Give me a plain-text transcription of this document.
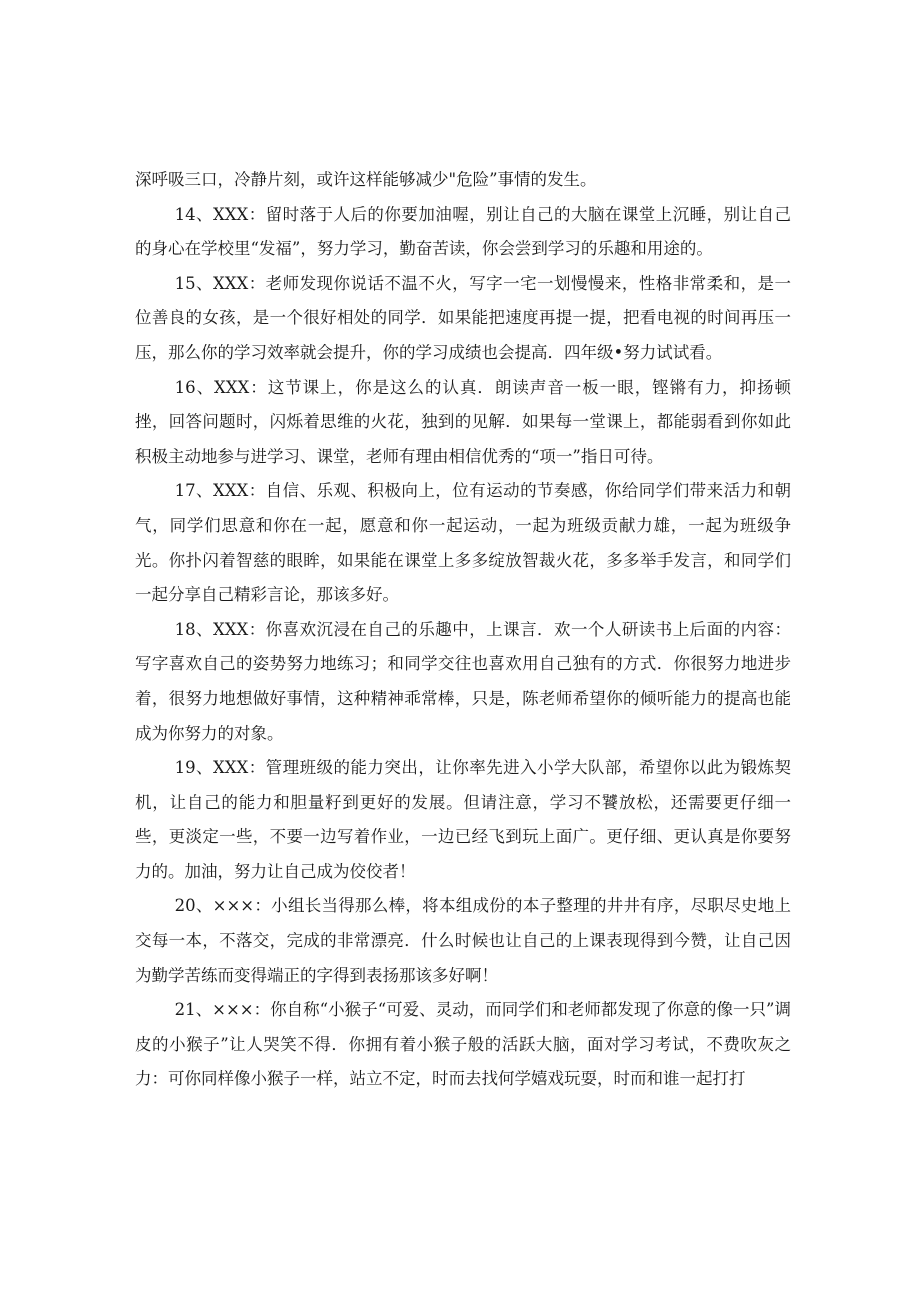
深呼吸三口，冷静片刻，或许这样能够减少"危险”事情的发生。

14、XXX：留时落于人后的你要加油喔，别让自己的大脑在课堂上沉睡，别让自己的身心在学校里“发福”，努力学习，勤奋苦读，你会尝到学习的乐趣和用途的。

15、XXX：老师发现你说话不温不火，写字一宅一划慢慢来，性格非常柔和，是一位善良的女孩，是一个很好相处的同学．如果能把速度再提一提，把看电视的时间再压一压，那么你的学习效率就会提升，你的学习成绩也会提高．四年级•努力试试看。

16、XXX：这节课上，你是这么的认真．朗读声音一板一眼，铿锵有力，抑扬顿挫，回答问题时，闪烁着思维的火花，独到的见解．如果每一堂课上，都能弱看到你如此积极主动地参与进学习、课堂，老师有理由相信优秀的“项一”指日可待。

17、XXX：自信、乐观、积极向上，位有运动的节奏感，你给同学们带来活力和朝气，同学们思意和你在一起，愿意和你一起运动，一起为班级贡献力雄，一起为班级争光。你扑闪着智慈的眼眸，如果能在课堂上多多绽放智裁火花，多多举手发言，和同学们一起分享自己精彩言论，那该多好。

18、XXX：你喜欢沉浸在自己的乐趣中，上课言．欢一个人研读书上后面的内容：写字喜欢自己的姿势努力地练习；和同学交往也喜欢用自己独有的方式．你很努力地进步着，很努力地想做好事情，这种精神乖常棒，只是，陈老师希望你的倾听能力的提高也能成为你努力的对象。

19、XXX：管理班级的能力突出，让你率先进入小学大队部，希望你以此为锻炼契机，让自己的能力和胆量籽到更好的发展。但请注意，学习不饕放松，还需要更仔细一些，更淡定一些，不要一边写着作业，一边已经飞到玩上面广。更仔细、更认真是你要努力的。加油，努力让自己成为佼佼者！

20、×××：小组长当得那么棒，将本组成份的本子整理的井井有序，尽职尽史地上交每一本，不落交，完成的非常漂亮．什么时候也让自己的上课表现得到今赞，让自己因为勤学苦练而变得端正的字得到表扬那该多好啊！

21、×××：你自称“小猴子“可爱、灵动，而同学们和老师都发现了你意的像一只”调皮的小猴子”让人哭笑不得．你拥有着小猴子般的活跃大脑，面对学习考试，不费吹灰之力：可你同样像小猴子一样，站立不定，时而去找何学嬉戏玩耍，时而和谁一起打打
